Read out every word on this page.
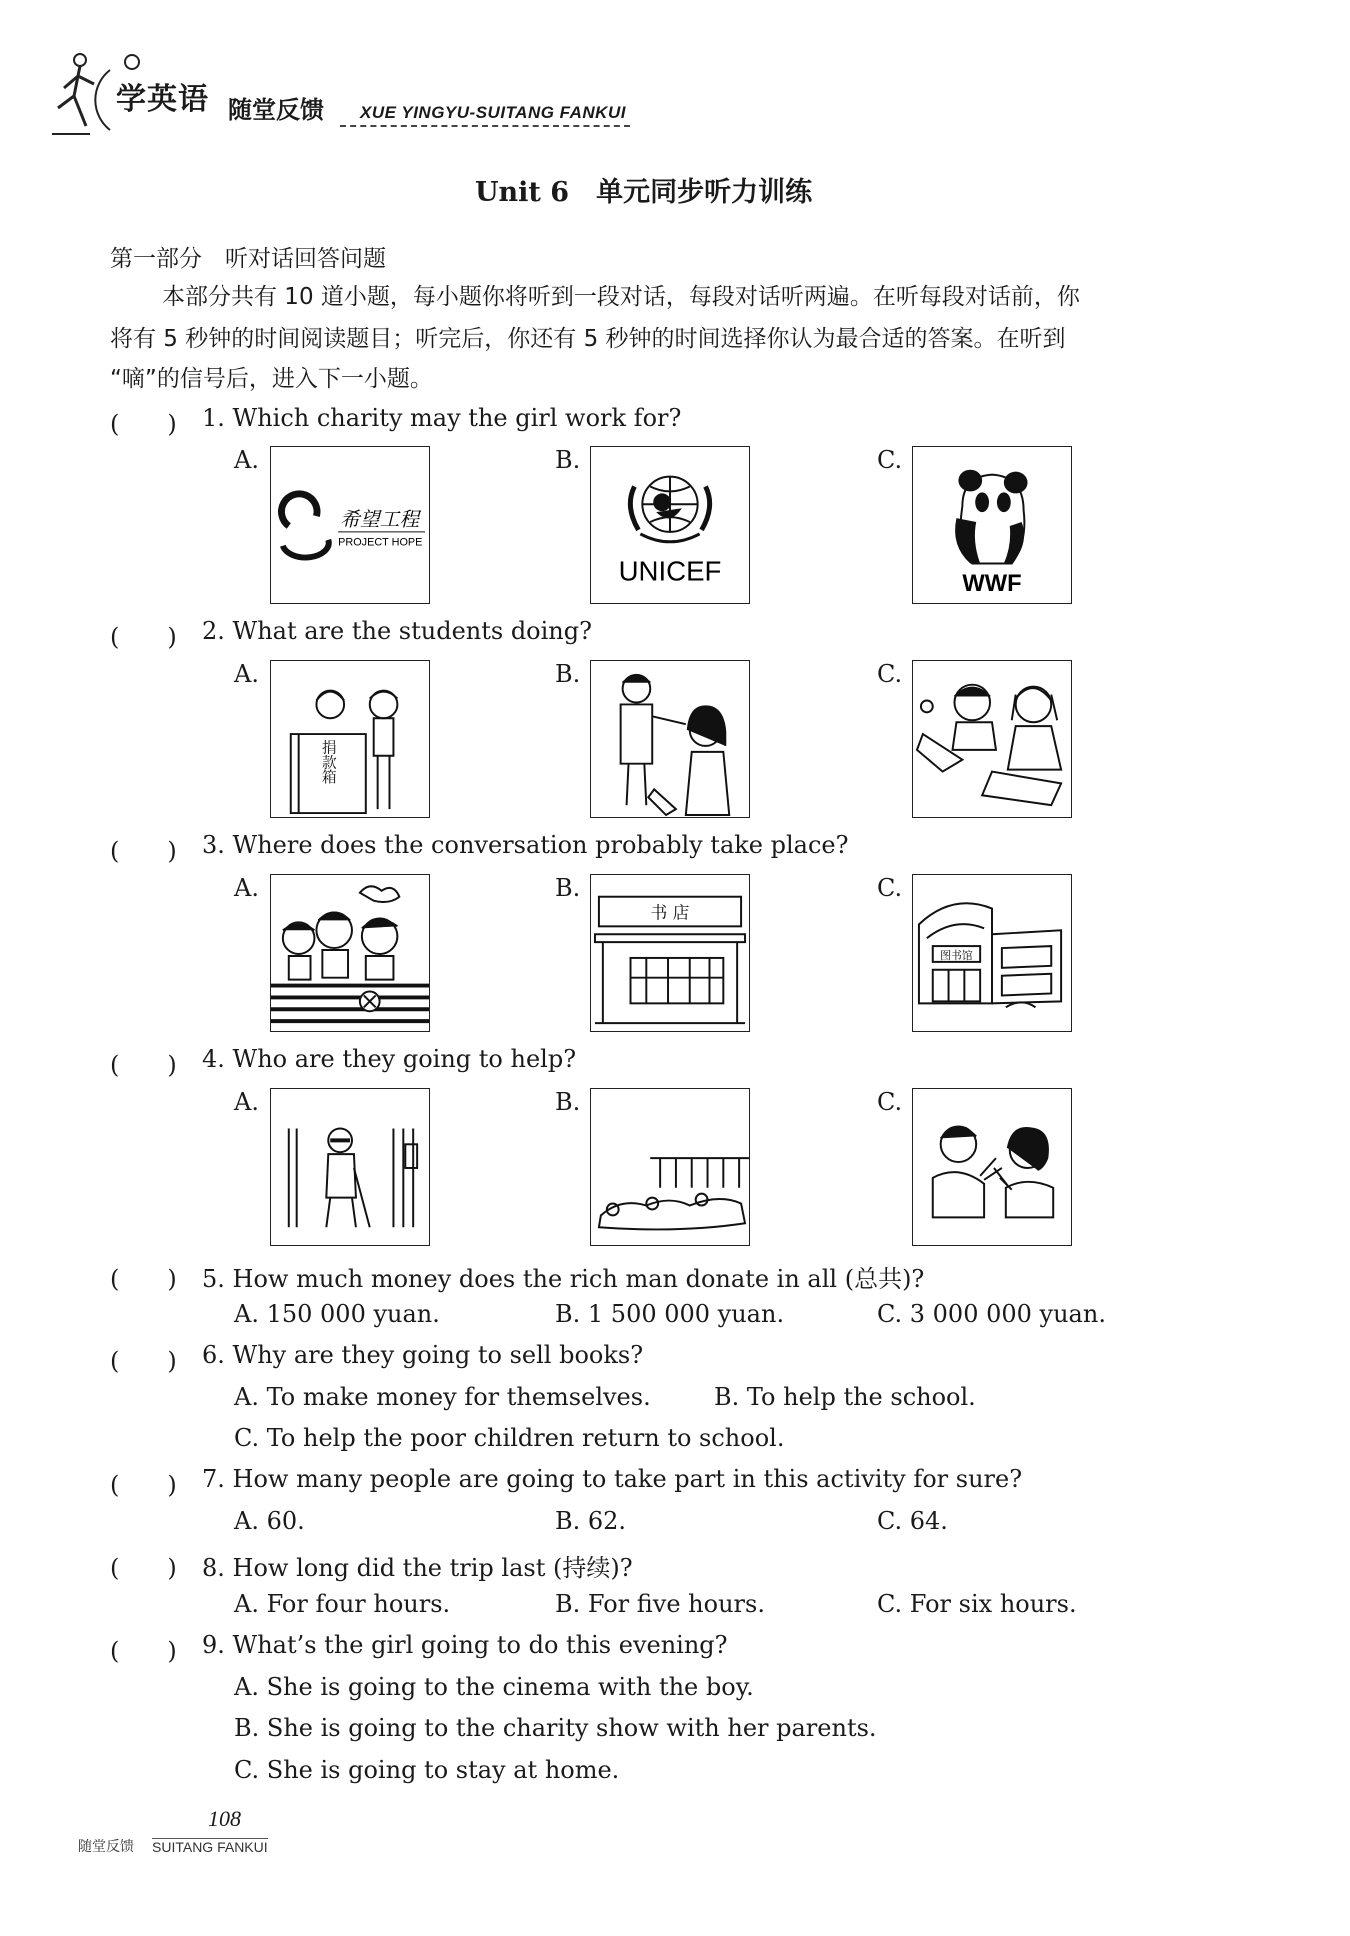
学英语 随堂反馈 XUE YINGYU-SUITANG FANKUI
Unit 6　单元同步听力训练
第一部分　听对话回答问题
本部分共有 10 道小题，每小题你将听到一段对话，每段对话听两遍。在听每段对话前，你
将有 5 秒钟的时间阅读题目；听完后，你还有 5 秒钟的时间选择你认为最合适的答案。在听到
“嘀”的信号后，进入下一小题。
(　　) 1. Which charity may the girl work for?
A.	B.	C.
希望工程
PROJECT HOPE
UNICEF	WWF
(　　) 2. What are the students doing?
A.	B.	C.
捐款箱
(　　) 3. Where does the conversation probably take place?
A.	B.	C.
书 店
图书馆
(　　) 4. Who are they going to help?
A.	B.	C.
(　　) 5. How much money does the rich man donate in all (总共)?
A. 150 000 yuan.	B. 1 500 000 yuan.	C. 3 000 000 yuan.
(　　) 6. Why are they going to sell books?
A. To make money for themselves.	B. To help the school.
C. To help the poor children return to school.
(　　) 7. How many people are going to take part in this activity for sure?
A. 60.	B. 62.	C. 64.
(　　) 8. How long did the trip last (持续)?
A. For four hours.	B. For five hours.	C. For six hours.
(　　) 9. What’s the girl going to do this evening?
A. She is going to the cinema with the boy.
B. She is going to the charity show with her parents.
C. She is going to stay at home.
108
随堂反馈 SUITANG FANKUI
